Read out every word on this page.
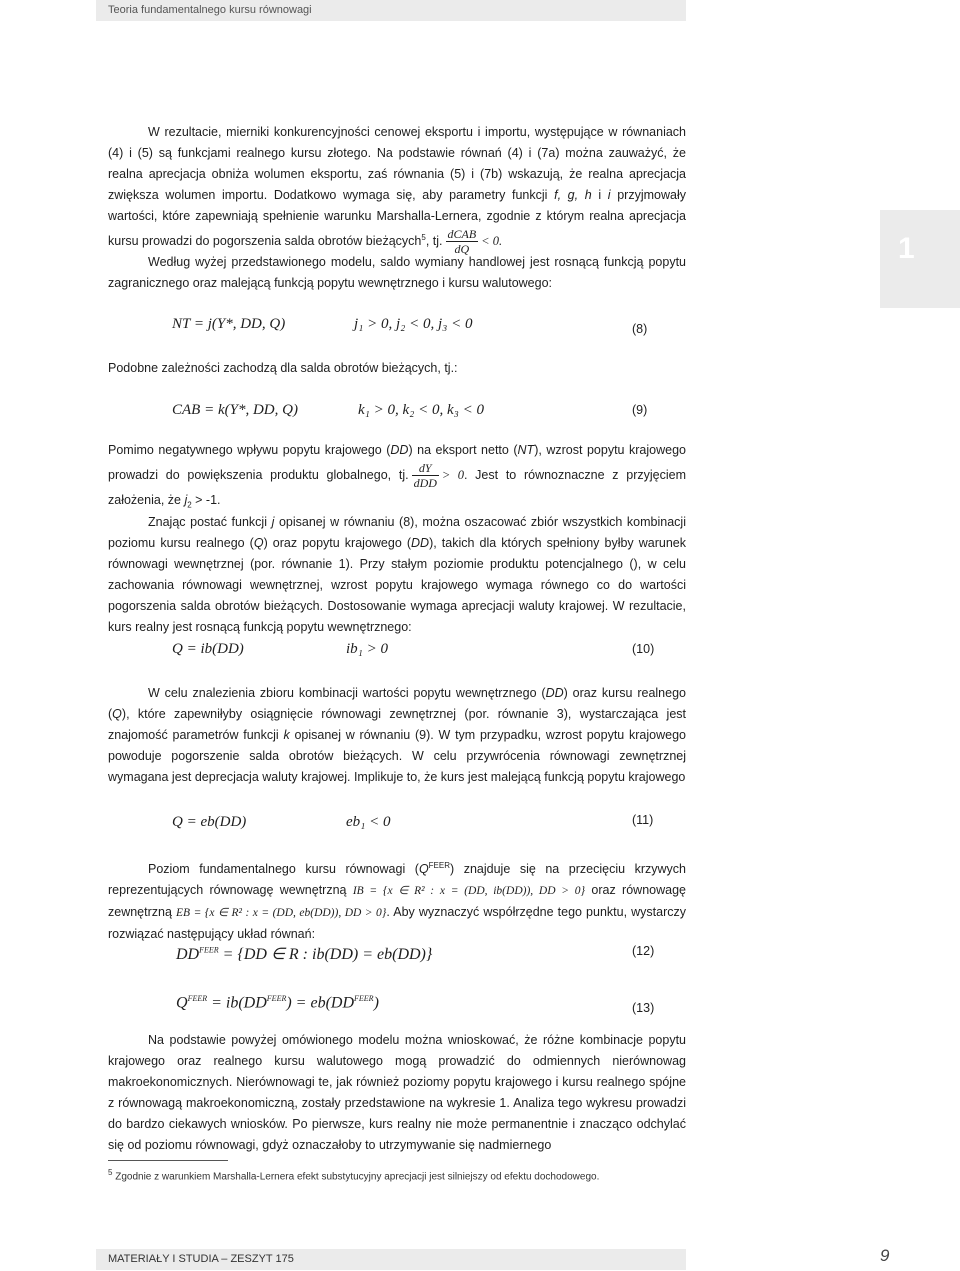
Teoria fundamentalnego kursu równowagi
1

W rezultacie, mierniki konkurencyjności cenowej eksportu i importu, występujące w równaniach (4) i (5) są funkcjami realnego kursu złotego. Na podstawie równań (4) i (7a) można zauważyć, że realna aprecjacja obniża wolumen eksportu, zaś równania (5) i (7b) wskazują, że realna aprecjacja zwiększa wolumen importu. Dodatkowo wymaga się, aby parametry funkcji f, g, h i i przyjmowały wartości, które zapewniają spełnienie warunku Marshalla-Lernera, zgodnie z którym realna aprecjacja kursu prowadzi do pogorszenia salda obrotów bieżących$^5$, tj. $\frac{\text{dCAB}}{dQ} < 0$.

Według wyżej przedstawionego modelu, saldo wymiany handlowej jest rosnącą funkcją popytu zagranicznego oraz malejącą funkcją popytu wewnętrznego i kursu walutowego:

NT = j(Y*, DD, Q)	j₁ > 0, j₂ < 0, j₃ < 0	(8)

Podobne zależności zachodzą dla salda obrotów bieżących, tj.:

CAB = k(Y*, DD, Q)	k₁ > 0, k₂ < 0, k₃ < 0	(9)

Pomimo negatywnego wpływu popytu krajowego (DD) na eksport netto (NT), wzrost popytu krajowego prowadzi do powiększenia produktu globalnego, tj. $\frac{dY}{\text{dDD}} > 0$. Jest to równoznaczne z przyjęciem założenia, że $j_2 > -1$.

Znając postać funkcji j opisanej w równaniu (8), można oszacować zbiór wszystkich kombinacji poziomu kursu realnego (Q) oraz popytu krajowego (DD), takich dla których spełniony byłby warunek równowagi wewnętrznej (por. równanie 1). Przy stałym poziomie produktu potencjalnego (), w celu zachowania równowagi wewnętrznej, wzrost popytu krajowego wymaga równego co do wartości pogorszenia salda obrotów bieżących. Dostosowanie wymaga aprecjacji waluty krajowej. W rezultacie, kurs realny jest rosnącą funkcją popytu wewnętrznego:

Q = ib(DD)	ib₁ > 0	(10)

W celu znalezienia zbioru kombinacji wartości popytu wewnętrznego (DD) oraz kursu realnego (Q), które zapewniłyby osiągnięcie równowagi zewnętrznej (por. równanie 3), wystarczająca jest znajomość parametrów funkcji k opisanej w równaniu (9). W tym przypadku, wzrost popytu krajowego powoduje pogorszenie salda obrotów bieżących. W celu przywrócenia równowagi zewnętrznej wymagana jest deprecjacja waluty krajowej. Implikuje to, że kurs jest malejącą funkcją popytu krajowego

Q = eb(DD)	eb₁ < 0	(11)

Poziom fundamentalnego kursu równowagi $(Q^{FEER})$ znajduje się na przecięciu krzywych reprezentujących równowagę wewnętrzną IB = {x ∈ R² : x = (DD, ib(DD)), DD > 0} oraz równowagę zewnętrzną EB = {x ∈ R² : x = (DD, eb(DD)), DD > 0}. Aby wyznaczyć współrzędne tego punktu, wystarczy rozwiązać następujący układ równań:

$DD^{FEER} = \{DD$ ∈ R : ib(DD) = eb(DD)}	(12)
$Q^{FEER} = ib(DD^{FEER}) = eb(DD^{FEER})$	(13)

Na podstawie powyżej omówionego modelu można wnioskować, że różne kombinacje popytu krajowego oraz realnego kursu walutowego mogą prowadzić do odmiennych nierównowag makroekonomicznych. Nierównowagi te, jak również poziomy popytu krajowego i kursu realnego spójne z równowagą makroekonomiczną, zostały przedstawione na wykresie 1. Analiza tego wykresu prowadzi do bardzo ciekawych wniosków. Po pierwsze, kurs realny nie może permanentnie i znacząco odchylać się od poziomu równowagi, gdyż oznaczałoby to utrzymywanie się nadmiernego

$^5$ Zgodnie z warunkiem Marshalla-Lernera efekt substytucyjny aprecjacji jest silniejszy od efektu dochodowego.
MATERIAŁY I STUDIA – ZESZYT 175	9
